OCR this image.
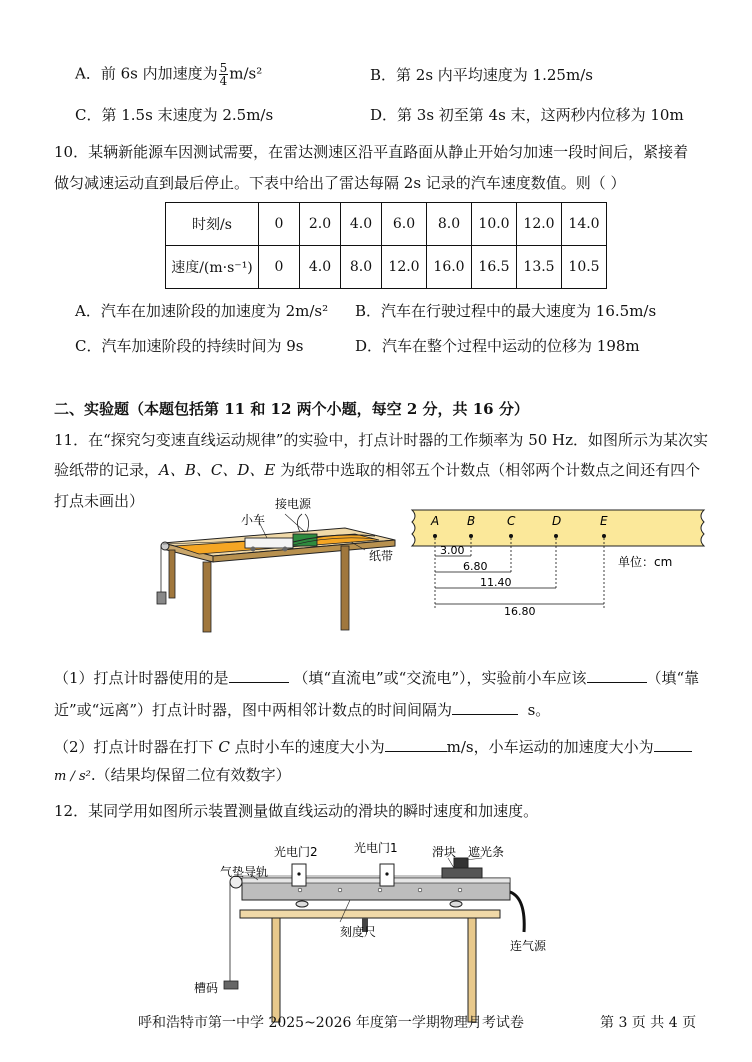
A．前 6s 内加速度为 $\frac{5}{4} m/s^2$	B．第 2s 内平均速度为 1.25m/s
C．第 1.5s 末速度为 2.5m/s	D．第 3s 初至第 4s 末，这两秒内位移为 10m
10．某辆新能源车因测试需要，在雷达测速区沿平直路面从静止开始匀加速一段时间后，紧接着
做匀减速运动直到最后停止。下表中给出了雷达每隔 2s 记录的汽车速度数值。则（ ）
时刻/s	0	2.0	4.0	6.0	8.0	10.0	12.0	14.0
速度/(m·s⁻¹)	0	4.0	8.0	12.0	16.0	16.5	13.5	10.5
A．汽车在加速阶段的加速度为 2m/s² B．汽车在行驶过程中的最大速度为 16.5m/s
C．汽车加速阶段的持续时间为 9s	D．汽车在整个过程中运动的位移为 198m
二、实验题（本题包括第 11 和 12 两个小题，每空 2 分，共 16 分）
11．在“探究匀变速直线运动规律”的实验中，打点计时器的工作频率为 50 Hz．如图所示为某次实
验纸带的记录，A、B、C、D、E 为纸带中选取的相邻五个计数点（相邻两个计数点之间还有四个
打点未画出）	接电源
小车
纸带
A B	C	D	E
3.00
6.80
11.40
16.80
单位：cm
（1）打点计时器使用的是	（填“直流电”或“交流电”），实验前小车应该	（填“靠
近”或“远离”）打点计时器，图中两相邻计数点的时间间隔为	s。
（2）打点计时器在打下 C 点时小车的速度大小为	m/s，小车运动的加速度大小为
m / s².（结果均保留二位有效数字）
12．某同学用如图所示装置测量做直线运动的滑块的瞬时速度和加速度。
光电门2	光电门1	滑块 遮光条
气垫导轨
刻度尺
连气源
槽码
呼和浩特市第一中学 2025~2026 年度第一学期物理月考试卷	第 3 页 共 4 页
